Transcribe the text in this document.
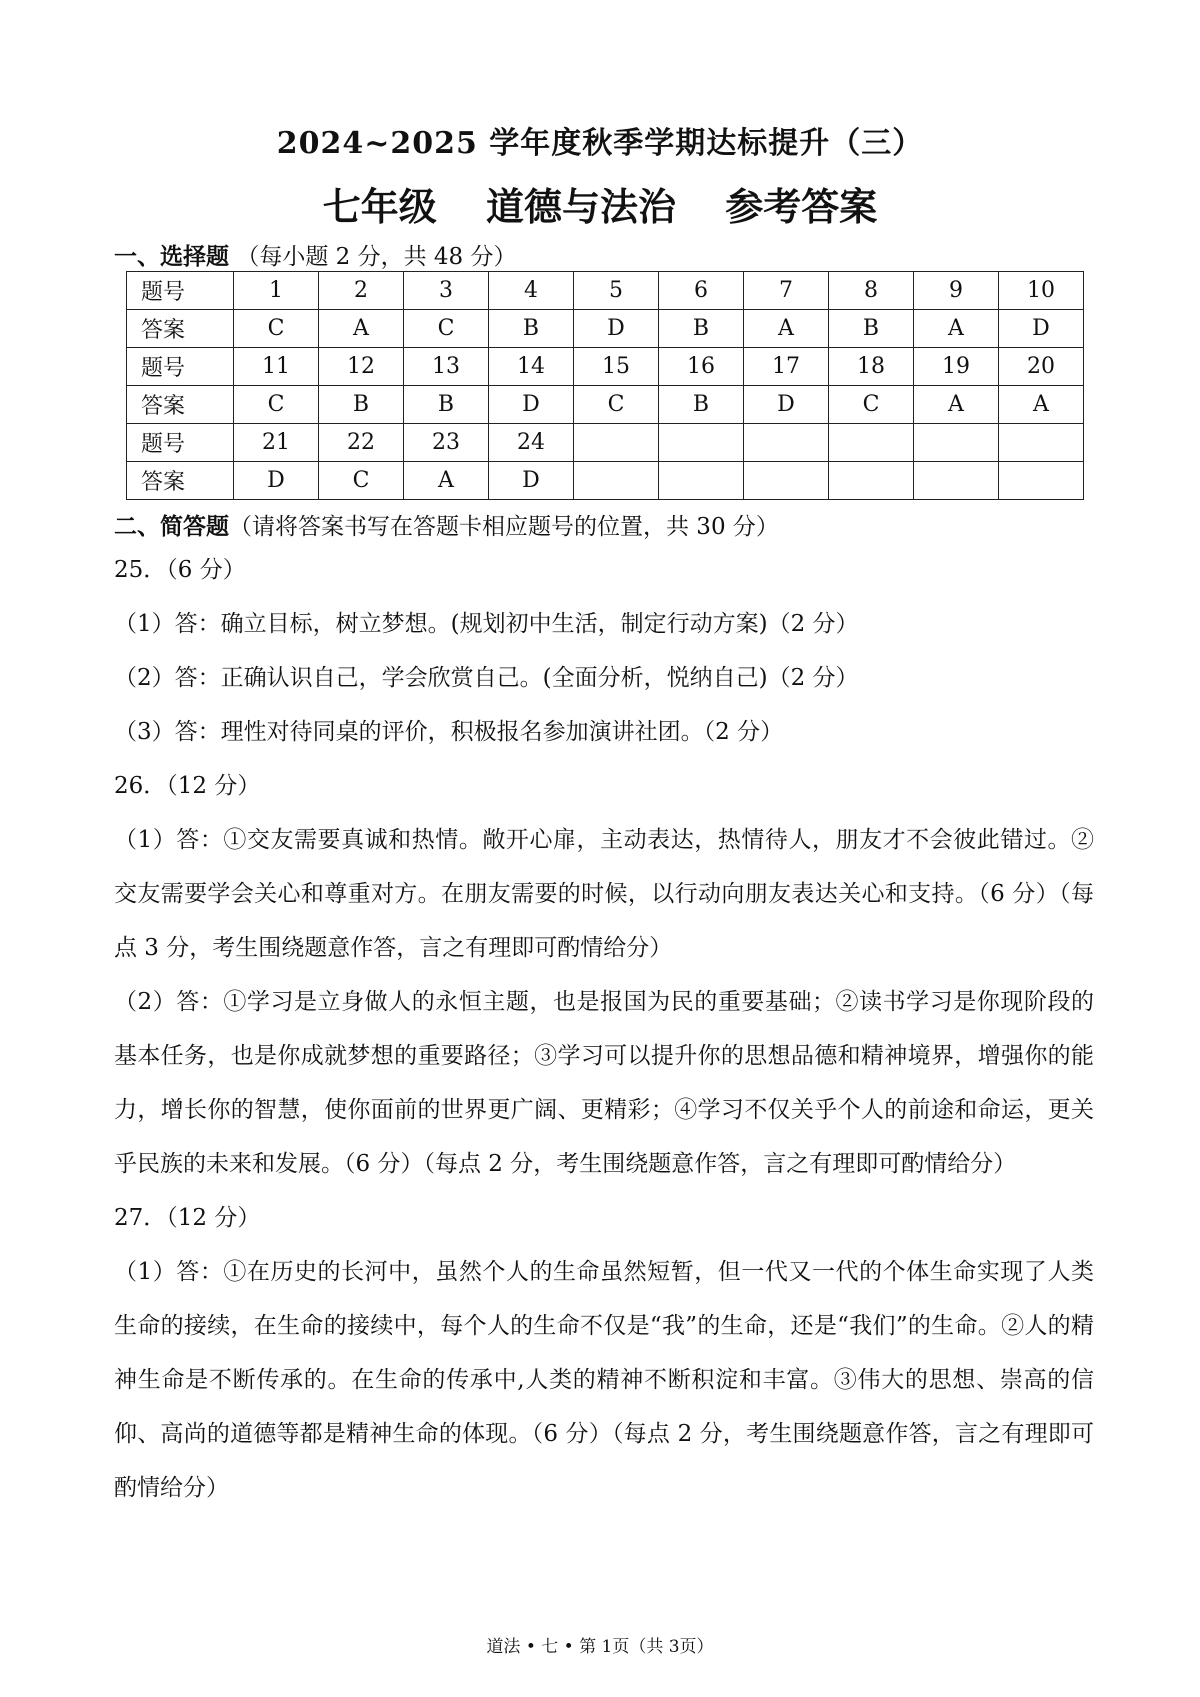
2024~2025 学年度秋季学期达标提升（三）
七年级 道德与法治 参考答案
一、选择题 （每小题 2 分，共 48 分）
题号	1	2	3	4	5	6	7	8	9	10
答案	C	A	C	B	D	B	A	B	A	D
题号	11	12	13	14	15	16	17	18	19	20
答案	C	B	B	D	C	B	D	C	A	A
题号	21	22	23	24						
答案	D	C	A	D						
二、简答题（请将答案书写在答题卡相应题号的位置，共 30 分）

25．（6 分）

（1）答：确立目标，树立梦想。(规划初中生活，制定行动方案)（2 分）

（2）答：正确认识自己，学会欣赏自己。(全面分析，悦纳自己)（2 分）

（3）答：理性对待同桌的评价，积极报名参加演讲社团。（2 分）

26．（12 分）

（1）答：①交友需要真诚和热情。敞开心扉，主动表达，热情待人，朋友才不会彼此错过。②交友需要学会关心和尊重对方。在朋友需要的时候，以行动向朋友表达关心和支持。（6 分）（每点 3 分，考生围绕题意作答，言之有理即可酌情给分）

（2）答：①学习是立身做人的永恒主题，也是报国为民的重要基础；②读书学习是你现阶段的基本任务，也是你成就梦想的重要路径；③学习可以提升你的思想品德和精神境界，增强你的能力，增长你的智慧，使你面前的世界更广阔、更精彩；④学习不仅关乎个人的前途和命运，更关乎民族的未来和发展。（6 分）（每点 2 分，考生围绕题意作答，言之有理即可酌情给分）

27．（12 分）

（1）答：①在历史的长河中，虽然个人的生命虽然短暂，但一代又一代的个体生命实现了人类生命的接续，在生命的接续中，每个人的生命不仅是“我”的生命，还是“我们”的生命。②人的精神生命是不断传承的。在生命的传承中,人类的精神不断积淀和丰富。③伟大的思想、崇高的信仰、高尚的道德等都是精神生命的体现。（6 分）（每点 2 分，考生围绕题意作答，言之有理即可酌情给分）

道法 • 七 • 第 1页（共 3页）
